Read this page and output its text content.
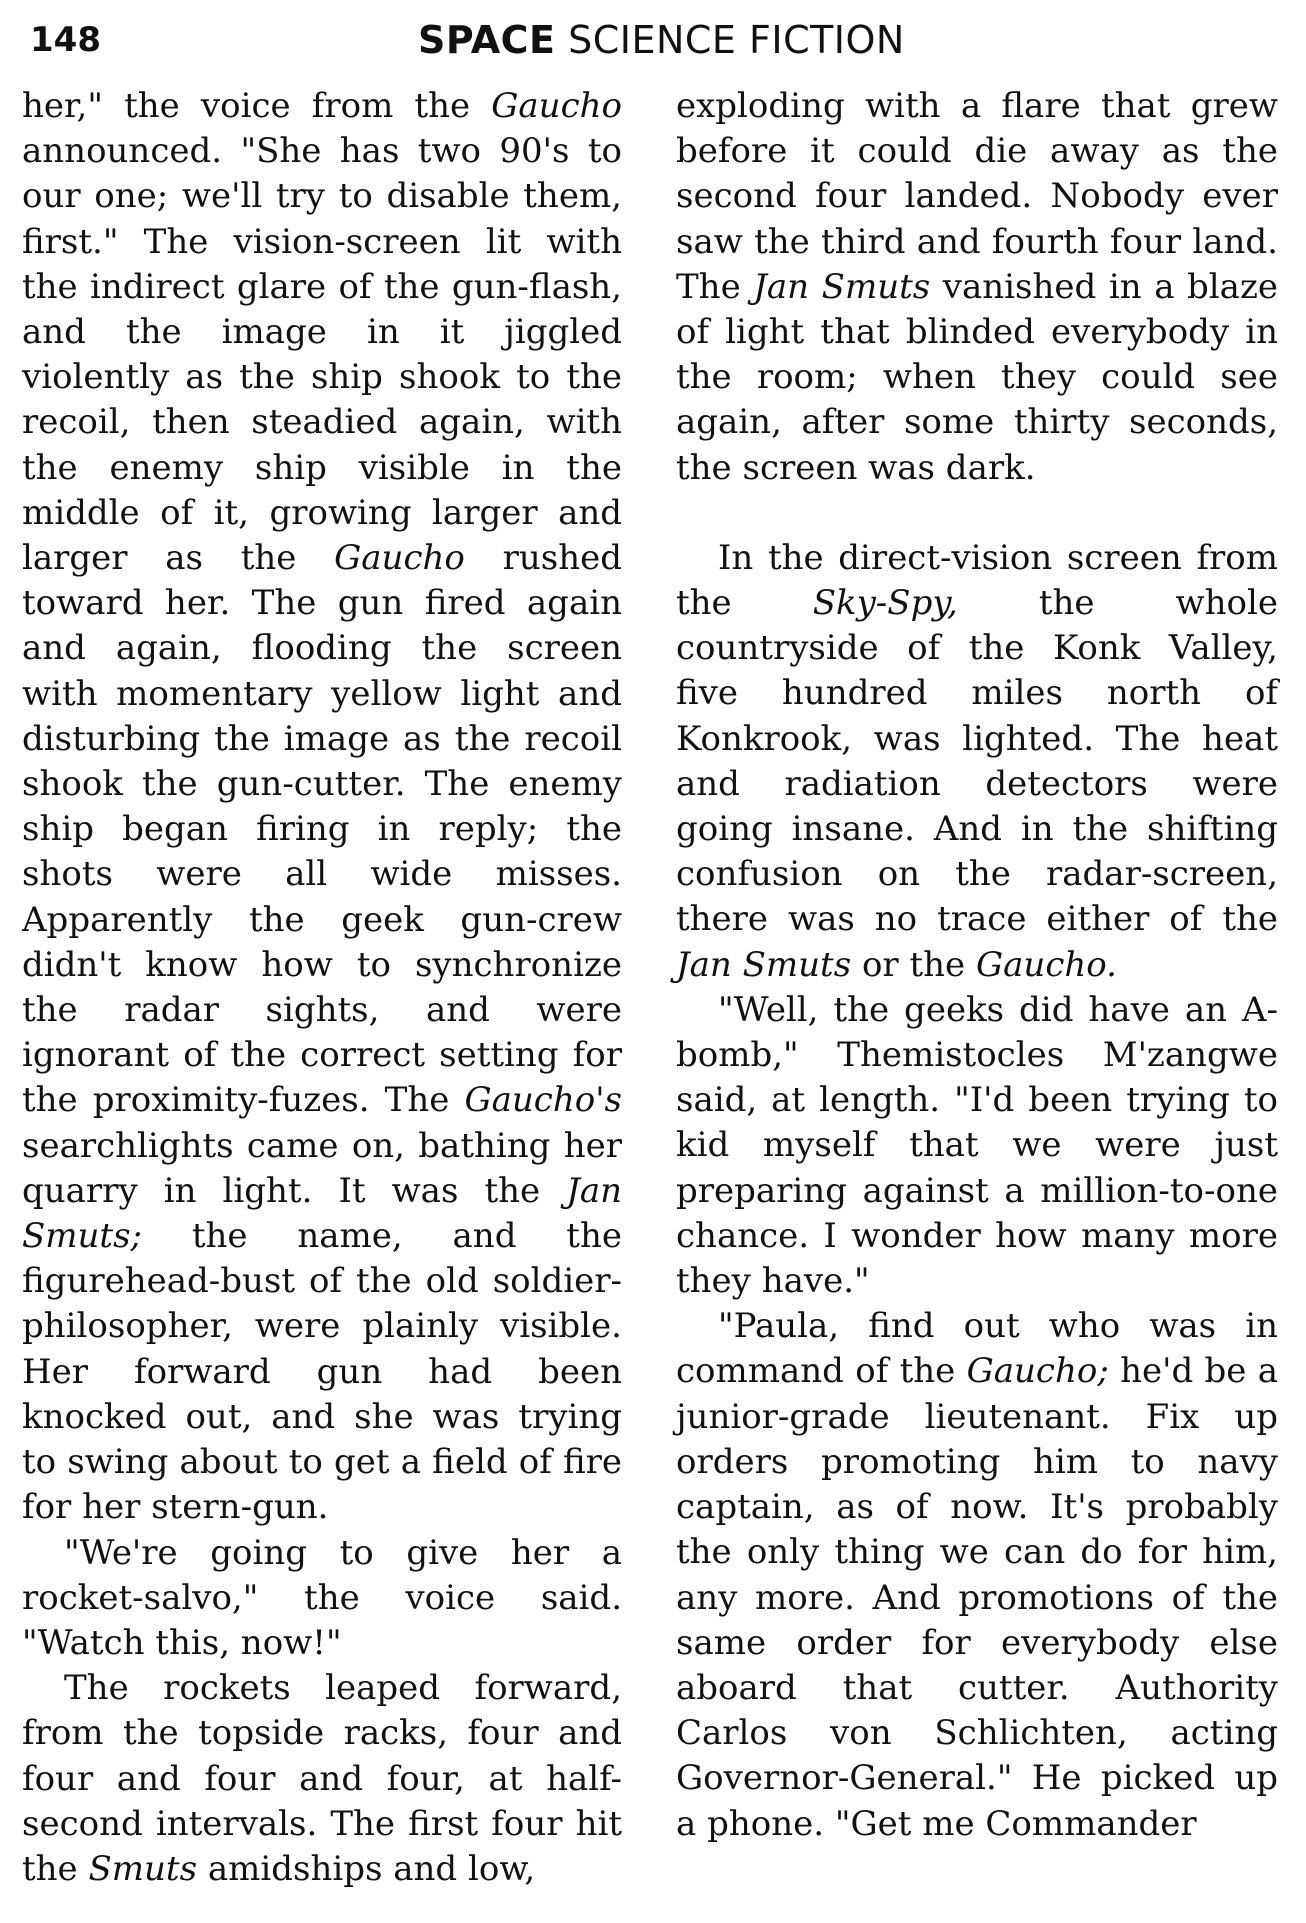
148	SPACE SCIENCE FICTION

her," the voice from the Gaucho announced. "She has two 90's to our one; we'll try to disable them, first." The vision-screen lit with the indirect glare of the gun-flash, and the image in it jiggled violently as the ship shook to the recoil, then steadied again, with the enemy ship visible in the middle of it, growing larger and larger as the Gaucho rushed toward her. The gun fired again and again, flooding the screen with momentary yellow light and disturbing the image as the recoil shook the gun-cutter. The enemy ship began firing in reply; the shots were all wide misses. Apparently the geek gun-crew didn't know how to synchronize the radar sights, and were ignorant of the correct setting for the proximity-fuzes. The Gaucho's searchlights came on, bathing her quarry in light. It was the Jan Smuts; the name, and the figurehead-bust of the old soldier-philosopher, were plainly visible. Her forward gun had been knocked out, and she was trying to swing about to get a field of fire for her stern-gun.

"We're going to give her a rocket-salvo," the voice said. "Watch this, now!"

The rockets leaped forward, from the topside racks, four and four and four and four, at half-second intervals. The first four hit the Smuts amidships and low,

exploding with a flare that grew before it could die away as the second four landed. Nobody ever saw the third and fourth four land. The Jan Smuts vanished in a blaze of light that blinded everybody in the room; when they could see again, after some thirty seconds, the screen was dark.

In the direct-vision screen from the Sky-Spy, the whole countryside of the Konk Valley, five hundred miles north of Konkrook, was lighted. The heat and radiation detectors were going insane. And in the shifting confusion on the radar-screen, there was no trace either of the Jan Smuts or the Gaucho.

"Well, the geeks did have an A-bomb," Themistocles M'zangwe said, at length. "I'd been trying to kid myself that we were just preparing against a million-to-one chance. I wonder how many more they have."

"Paula, find out who was in command of the Gaucho; he'd be a junior-grade lieutenant. Fix up orders promoting him to navy captain, as of now. It's probably the only thing we can do for him, any more. And promotions of the same order for everybody else aboard that cutter. Authority Carlos von Schlichten, acting Governor-General." He picked up a phone. "Get me Commander
